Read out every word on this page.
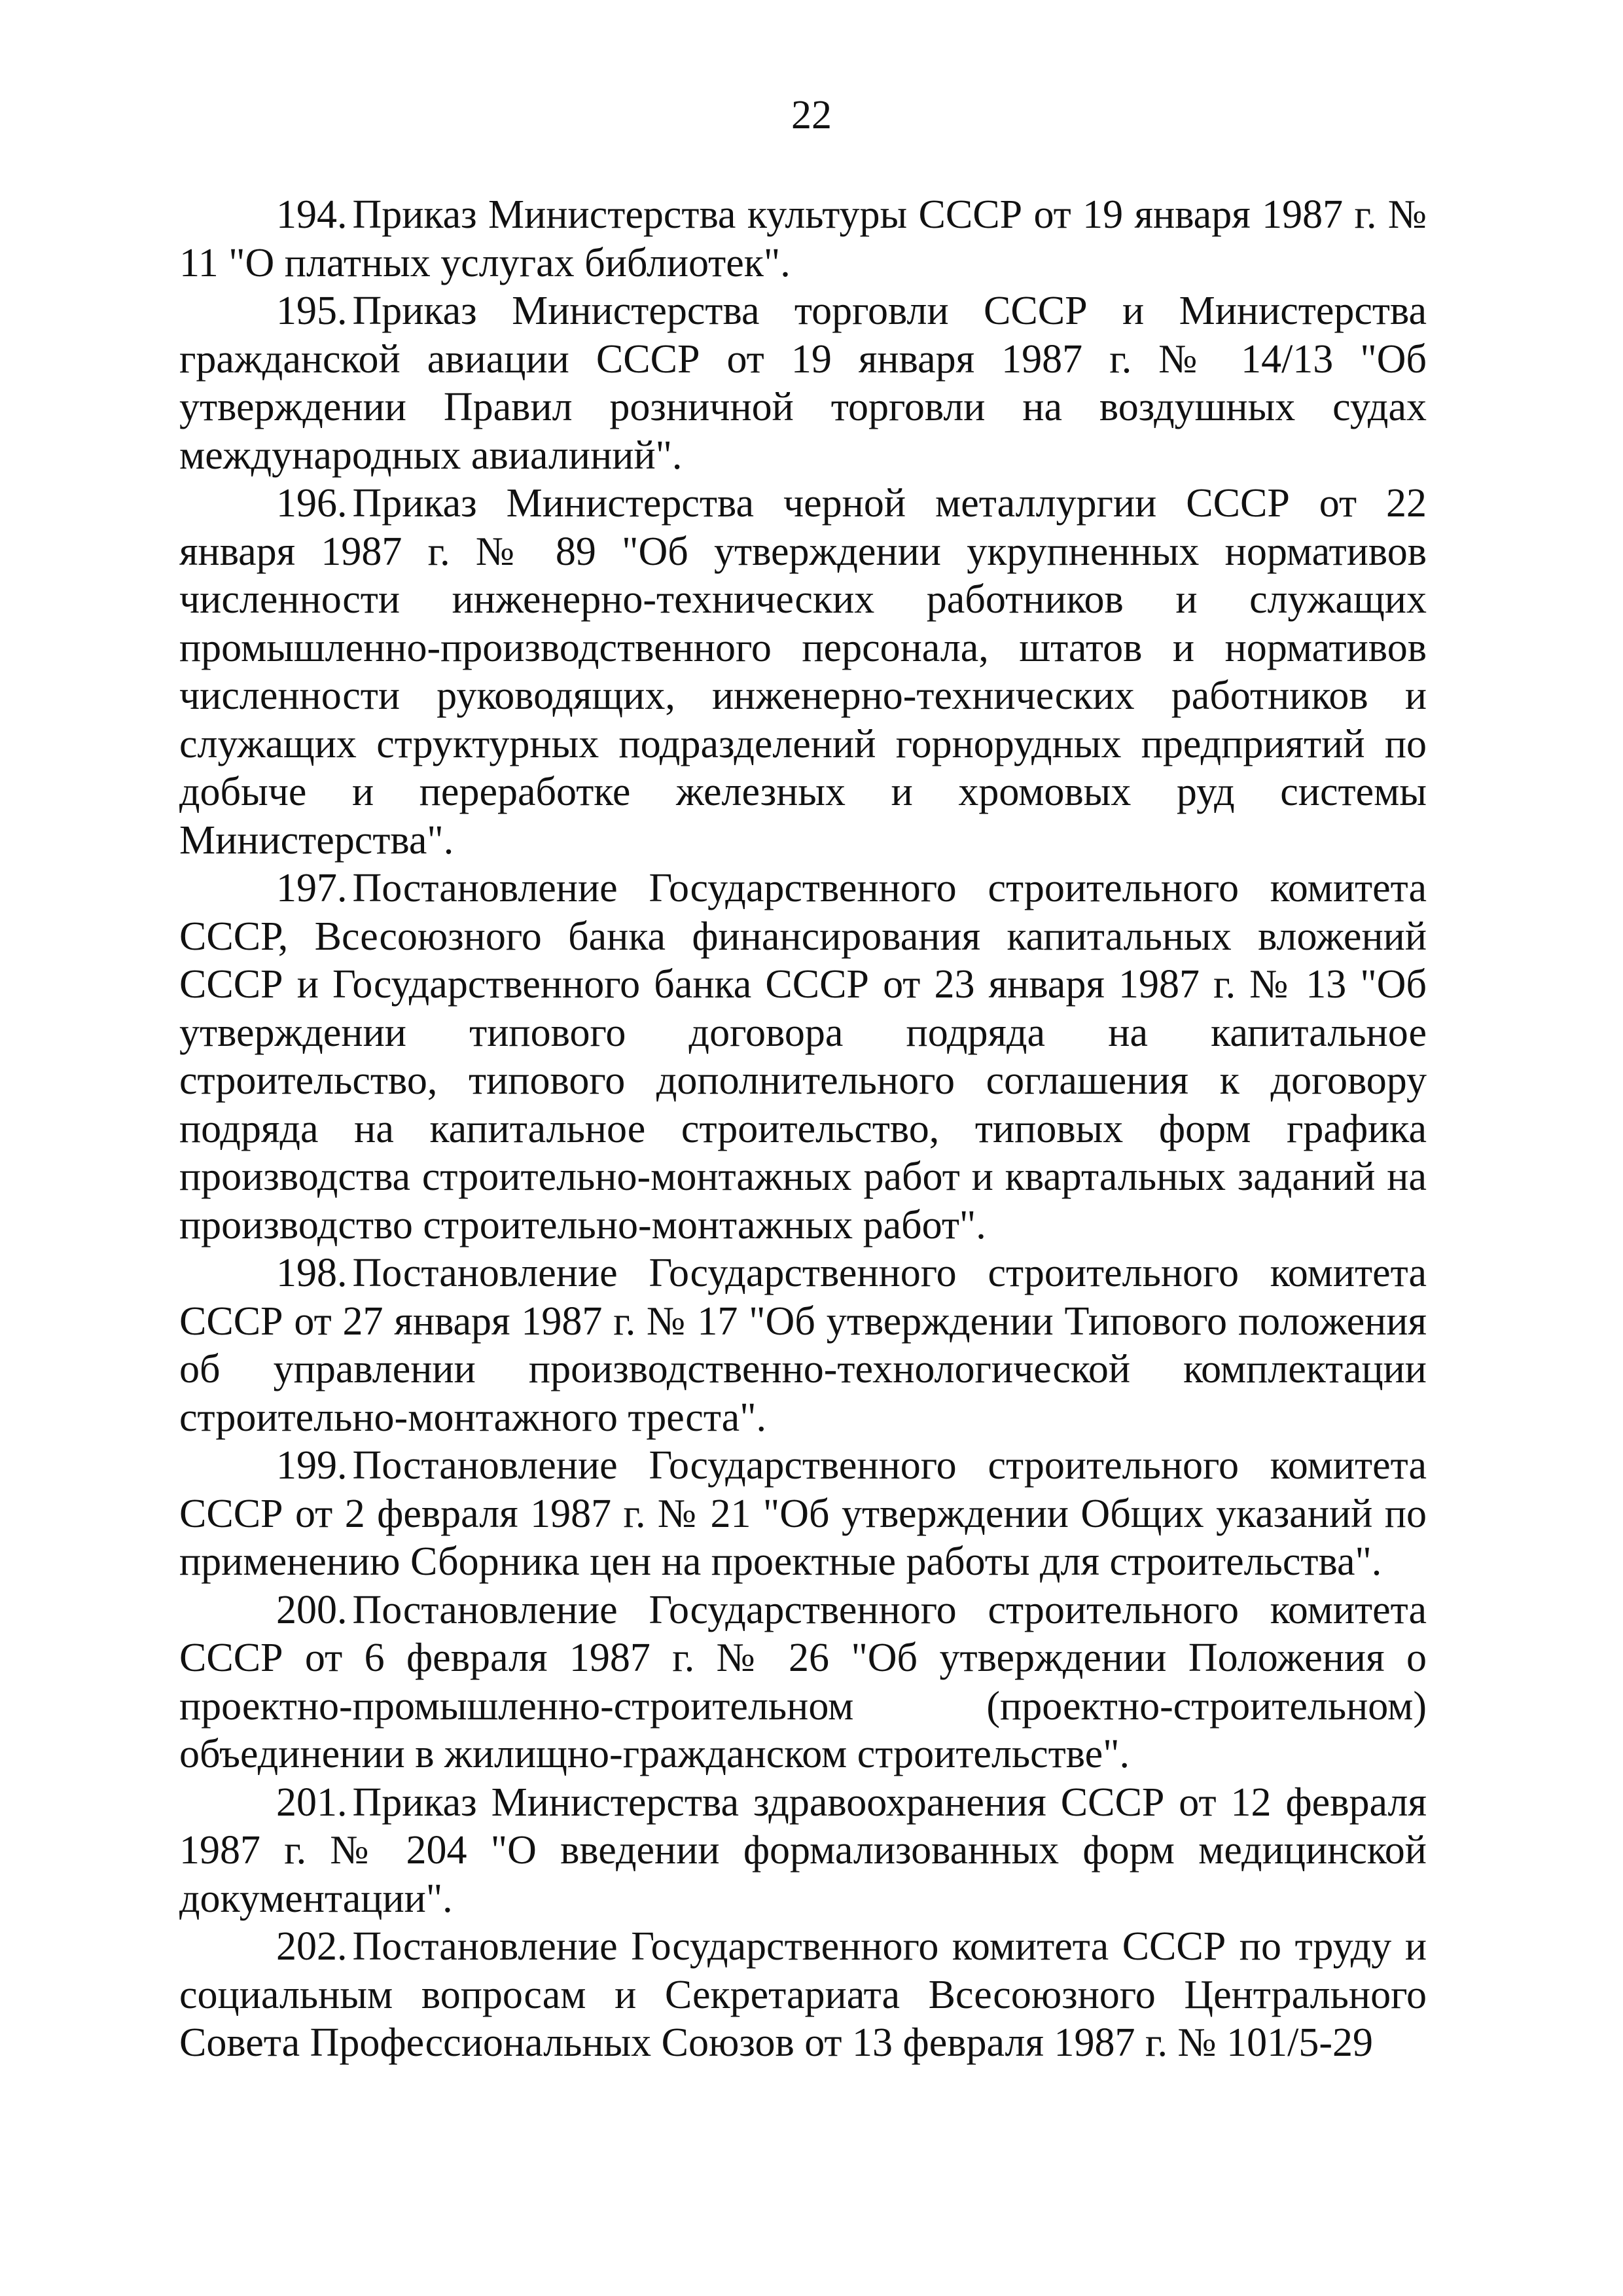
22

194. Приказ Министерства культуры СССР от 19 января 1987 г. № 11 "О платных услугах библиотек".

195. Приказ Министерства торговли СССР и Министерства гражданской авиации СССР от 19 января 1987 г. № 14/13 "Об утверждении Правил розничной торговли на воздушных судах международных авиалиний".

196. Приказ Министерства черной металлургии СССР от 22 января 1987 г. № 89 "Об утверждении укрупненных нормативов численности инженерно-технических работников и служащих промышленно-производственного персонала, штатов и нормативов численности руководящих, инженерно-технических работников и служащих структурных подразделений горнорудных предприятий по добыче и переработке железных и хромовых руд системы Министерства".

197. Постановление Государственного строительного комитета СССР, Всесоюзного банка финансирования капитальных вложений СССР и Государственного банка СССР от 23 января 1987 г. № 13 "Об утверждении типового договора подряда на капитальное строительство, типового дополнительного соглашения к договору подряда на капитальное строительство, типовых форм графика производства строительно-монтажных работ и квартальных заданий на производство строительно-монтажных работ".

198. Постановление Государственного строительного комитета СССР от 27 января 1987 г. № 17 "Об утверждении Типового положения об управлении производственно-технологической комплектации строительно-монтажного треста".

199. Постановление Государственного строительного комитета СССР от 2 февраля 1987 г. № 21 "Об утверждении Общих указаний по применению Сборника цен на проектные работы для строительства".

200. Постановление Государственного строительного комитета СССР от 6 февраля 1987 г. № 26 "Об утверждении Положения о проектно-промышленно-строительном (проектно-строительном) объединении в жилищно-гражданском строительстве".

201. Приказ Министерства здравоохранения СССР от 12 февраля 1987 г. № 204 "О введении формализованных форм медицинской документации".

202. Постановление Государственного комитета СССР по труду и социальным вопросам и Секретариата Всесоюзного Центрального Совета Профессиональных Союзов от 13 февраля 1987 г. № 101/5-29
